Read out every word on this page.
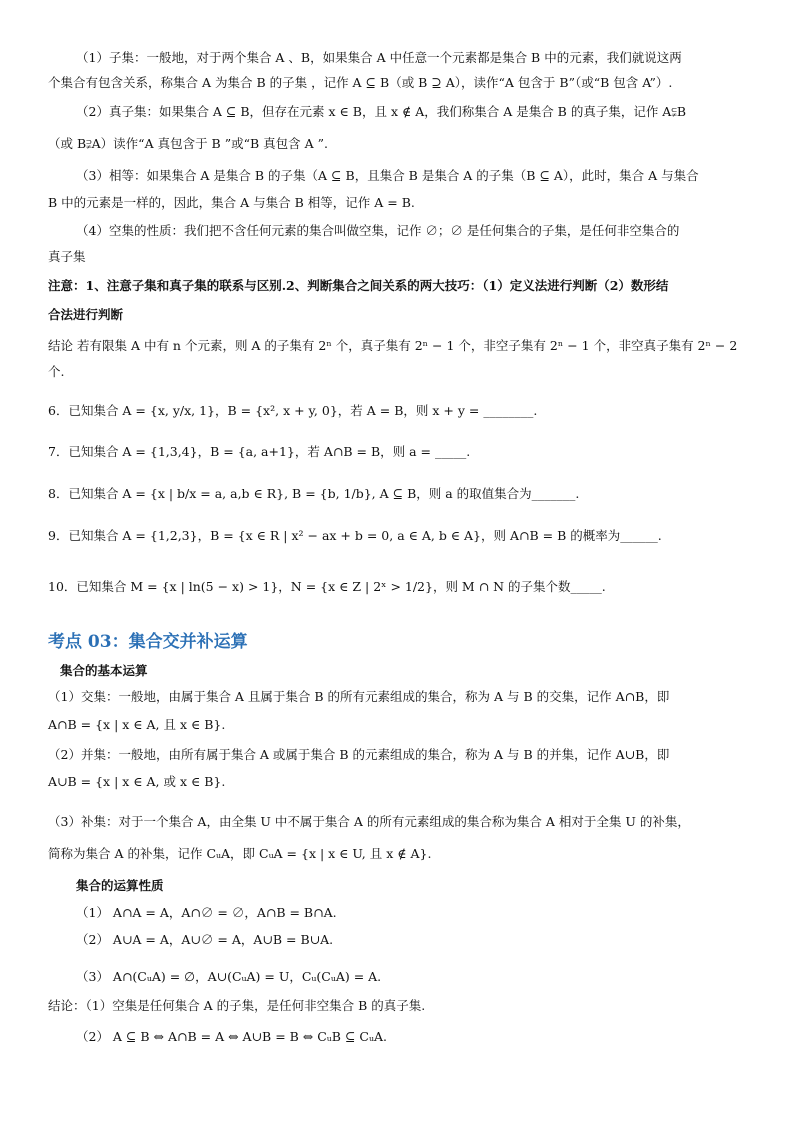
（1）子集：一般地，对于两个集合 A 、B，如果集合 A 中任意一个元素都是集合 B 中的元素，我们就说这两
个集合有包含关系，称集合 A 为集合 B 的子集 ，记作 A ⊆ B（或 B ⊇ A），读作“A 包含于 B”（或“B 包含 A”）.
（2）真子集：如果集合 A ⊆ B，但存在元素 x ∈ B，且 x ∉ A，我们称集合 A 是集合 B 的真子集，记作 A⫋B
（或 B⫌A）读作“A 真包含于 B ”或“B 真包含 A ”.
（3）相等：如果集合 A 是集合 B 的子集（A ⊆ B，且集合 B 是集合 A 的子集（B ⊆ A），此时，集合 A 与集合
B 中的元素是一样的，因此，集合 A 与集合 B 相等，记作 A = B.
（4）空集的性质：我们把不含任何元素的集合叫做空集，记作 ∅；∅ 是任何集合的子集，是任何非空集合的
真子集
注意：1、注意子集和真子集的联系与区别.2、判断集合之间关系的两大技巧：（1）定义法进行判断（2）数形结
合法进行判断
结论 若有限集 A 中有 n 个元素，则 A 的子集有 2ⁿ 个，真子集有 2ⁿ − 1 个，非空子集有 2ⁿ − 1 个，非空真子集有 2ⁿ − 2
个.
6．已知集合 A = {x, y/x, 1}，B = {x², x + y, 0}，若 A = B，则 x + y = ________.
7．已知集合 A = {1,3,4}，B = {a, a+1}，若 A∩B = B，则 a = _____.
8．已知集合 A = {x | b/x = a, a,b ∈ R}, B = {b, 1/b}, A ⊆ B，则 a 的取值集合为_______.
9．已知集合 A = {1,2,3}，B = {x ∈ R | x² − ax + b = 0, a ∈ A, b ∈ A}，则 A∩B = B 的概率为______.
10．已知集合 M = {x | ln(5 − x) > 1}，N = {x ∈ Z | 2ˣ > 1/2}，则 M ∩ N 的子集个数_____.
考点 03：集合交并补运算
集合的基本运算
（1）交集：一般地，由属于集合 A 且属于集合 B 的所有元素组成的集合，称为 A 与 B 的交集，记作 A∩B，即
A∩B = {x | x ∈ A, 且 x ∈ B}.
（2）并集：一般地，由所有属于集合 A 或属于集合 B 的元素组成的集合，称为 A 与 B 的并集，记作 A∪B，即
A∪B = {x | x ∈ A, 或 x ∈ B}.
（3）补集：对于一个集合 A，由全集 U 中不属于集合 A 的所有元素组成的集合称为集合 A 相对于全集 U 的补集，
简称为集合 A 的补集，记作 CᵤA，即 CᵤA = {x | x ∈ U, 且 x ∉ A}.
集合的运算性质
（1） A∩A = A，A∩∅ = ∅，A∩B = B∩A.
（2） A∪A = A，A∪∅ = A，A∪B = B∪A.
（3） A∩(CᵤA) = ∅，A∪(CᵤA) = U，Cᵤ(CᵤA) = A.
结论：（1）空集是任何集合 A 的子集，是任何非空集合 B 的真子集.
（2） A ⊆ B ⇔ A∩B = A ⇔ A∪B = B ⇔ CᵤB ⊆ CᵤA.
